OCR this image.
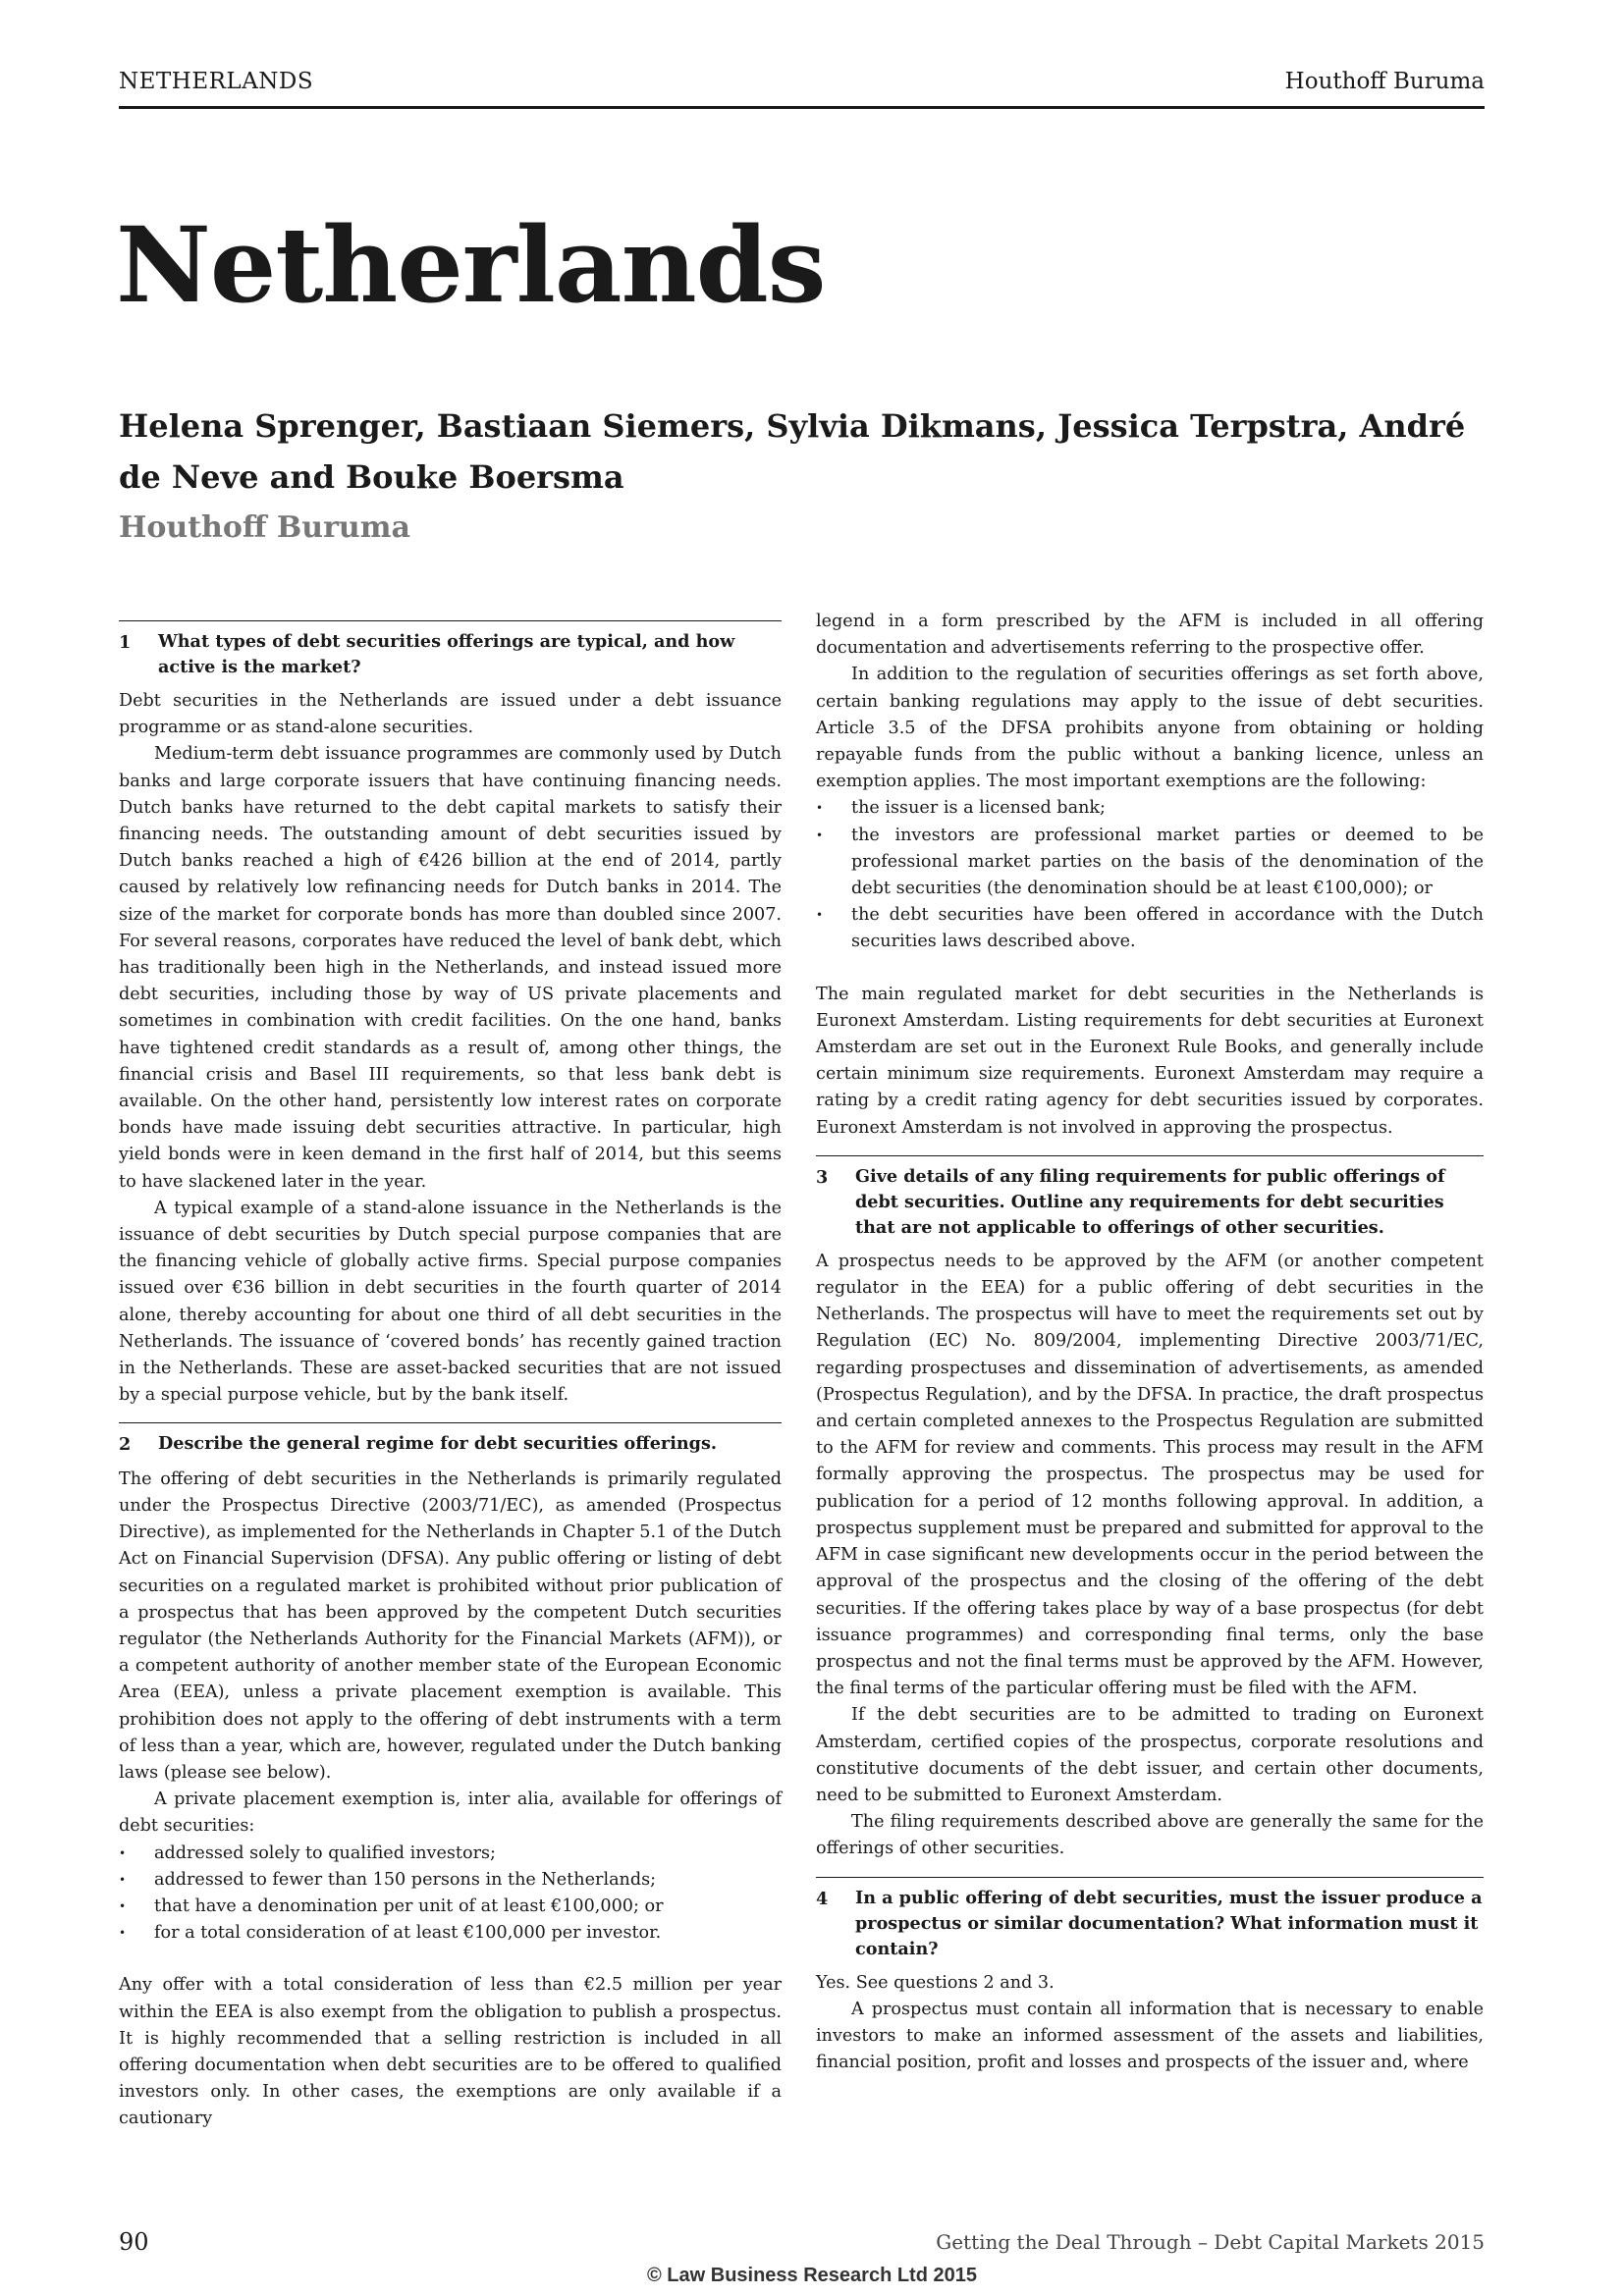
NETHERLANDS	Houthoff Buruma
Netherlands

Helena Sprenger, Bastiaan Siemers, Sylvia Dikmans, Jessica Terpstra, André de Neve and Bouke Boersma

Houthoff Buruma

1	What types of debt securities offerings are typical, and how active is the market?

Debt securities in the Netherlands are issued under a debt issuance programme or as stand-alone securities.

Medium-term debt issuance programmes are commonly used by Dutch banks and large corporate issuers that have continuing financing needs. Dutch banks have returned to the debt capital markets to satisfy their financing needs. The outstanding amount of debt securities issued by Dutch banks reached a high of €426 billion at the end of 2014, partly caused by relatively low refinancing needs for Dutch banks in 2014. The size of the market for corporate bonds has more than doubled since 2007. For several reasons, corporates have reduced the level of bank debt, which has traditionally been high in the Netherlands, and instead issued more debt securities, including those by way of US private placements and sometimes in combination with credit facilities. On the one hand, banks have tightened credit standards as a result of, among other things, the financial crisis and Basel III requirements, so that less bank debt is available. On the other hand, persistently low interest rates on corporate bonds have made issuing debt securities attractive. In particular, high yield bonds were in keen demand in the first half of 2014, but this seems to have slackened later in the year.

A typical example of a stand-alone issuance in the Netherlands is the issuance of debt securities by Dutch special purpose companies that are the financing vehicle of globally active firms. Special purpose companies issued over €36 billion in debt securities in the fourth quarter of 2014 alone, thereby accounting for about one third of all debt securities in the Netherlands. The issuance of ‘covered bonds’ has recently gained traction in the Netherlands. These are asset-backed securities that are not issued by a special purpose vehicle, but by the bank itself.

2	Describe the general regime for debt securities offerings.

The offering of debt securities in the Netherlands is primarily regulated under the Prospectus Directive (2003/71/EC), as amended (Prospectus Directive), as implemented for the Netherlands in Chapter 5.1 of the Dutch Act on Financial Supervision (DFSA). Any public offering or listing of debt securities on a regulated market is prohibited without prior publication of a prospectus that has been approved by the competent Dutch securities regulator (the Netherlands Authority for the Financial Markets (AFM)), or a competent authority of another member state of the European Economic Area (EEA), unless a private placement exemption is available. This prohibition does not apply to the offering of debt instruments with a term of less than a year, which are, however, regulated under the Dutch banking laws (please see below).

A private placement exemption is, inter alia, available for offerings of debt securities:

• addressed solely to qualified investors;
• addressed to fewer than 150 persons in the Netherlands;
• that have a denomination per unit of at least €100,000; or
• for a total consideration of at least €100,000 per investor.

Any offer with a total consideration of less than €2.5 million per year within the EEA is also exempt from the obligation to publish a prospectus. It is highly recommended that a selling restriction is included in all offering documentation when debt securities are to be offered to qualified investors only. In other cases, the exemptions are only available if a cautionary

legend in a form prescribed by the AFM is included in all offering documentation and advertisements referring to the prospective offer.

In addition to the regulation of securities offerings as set forth above, certain banking regulations may apply to the issue of debt securities. Article 3.5 of the DFSA prohibits anyone from obtaining or holding repayable funds from the public without a banking licence, unless an exemption applies. The most important exemptions are the following:

• the issuer is a licensed bank;
• the investors are professional market parties or deemed to be professional market parties on the basis of the denomination of the debt securities (the denomination should be at least €100,000); or
• the debt securities have been offered in accordance with the Dutch securities laws described above.

The main regulated market for debt securities in the Netherlands is Euronext Amsterdam. Listing requirements for debt securities at Euronext Amsterdam are set out in the Euronext Rule Books, and generally include certain minimum size requirements. Euronext Amsterdam may require a rating by a credit rating agency for debt securities issued by corporates. Euronext Amsterdam is not involved in approving the prospectus.

3	Give details of any filing requirements for public offerings of debt securities. Outline any requirements for debt securities that are not applicable to offerings of other securities.

A prospectus needs to be approved by the AFM (or another competent regulator in the EEA) for a public offering of debt securities in the Netherlands. The prospectus will have to meet the requirements set out by Regulation (EC) No. 809/2004, implementing Directive 2003/71/EC, regarding prospectuses and dissemination of advertisements, as amended (Prospectus Regulation), and by the DFSA. In practice, the draft prospectus and certain completed annexes to the Prospectus Regulation are submitted to the AFM for review and comments. This process may result in the AFM formally approving the prospectus. The prospectus may be used for publication for a period of 12 months following approval. In addition, a prospectus supplement must be prepared and submitted for approval to the AFM in case significant new developments occur in the period between the approval of the prospectus and the closing of the offering of the debt securities. If the offering takes place by way of a base prospectus (for debt issuance programmes) and corresponding final terms, only the base prospectus and not the final terms must be approved by the AFM. However, the final terms of the particular offering must be filed with the AFM.

If the debt securities are to be admitted to trading on Euronext Amsterdam, certified copies of the prospectus, corporate resolutions and constitutive documents of the debt issuer, and certain other documents, need to be submitted to Euronext Amsterdam.

The filing requirements described above are generally the same for the offerings of other securities.

4	In a public offering of debt securities, must the issuer produce a prospectus or similar documentation? What information must it contain?

Yes. See questions 2 and 3.

A prospectus must contain all information that is necessary to enable investors to make an informed assessment of the assets and liabilities, financial position, profit and losses and prospects of the issuer and, where

90	Getting the Deal Through – Debt Capital Markets 2015
© Law Business Research Ltd 2015
